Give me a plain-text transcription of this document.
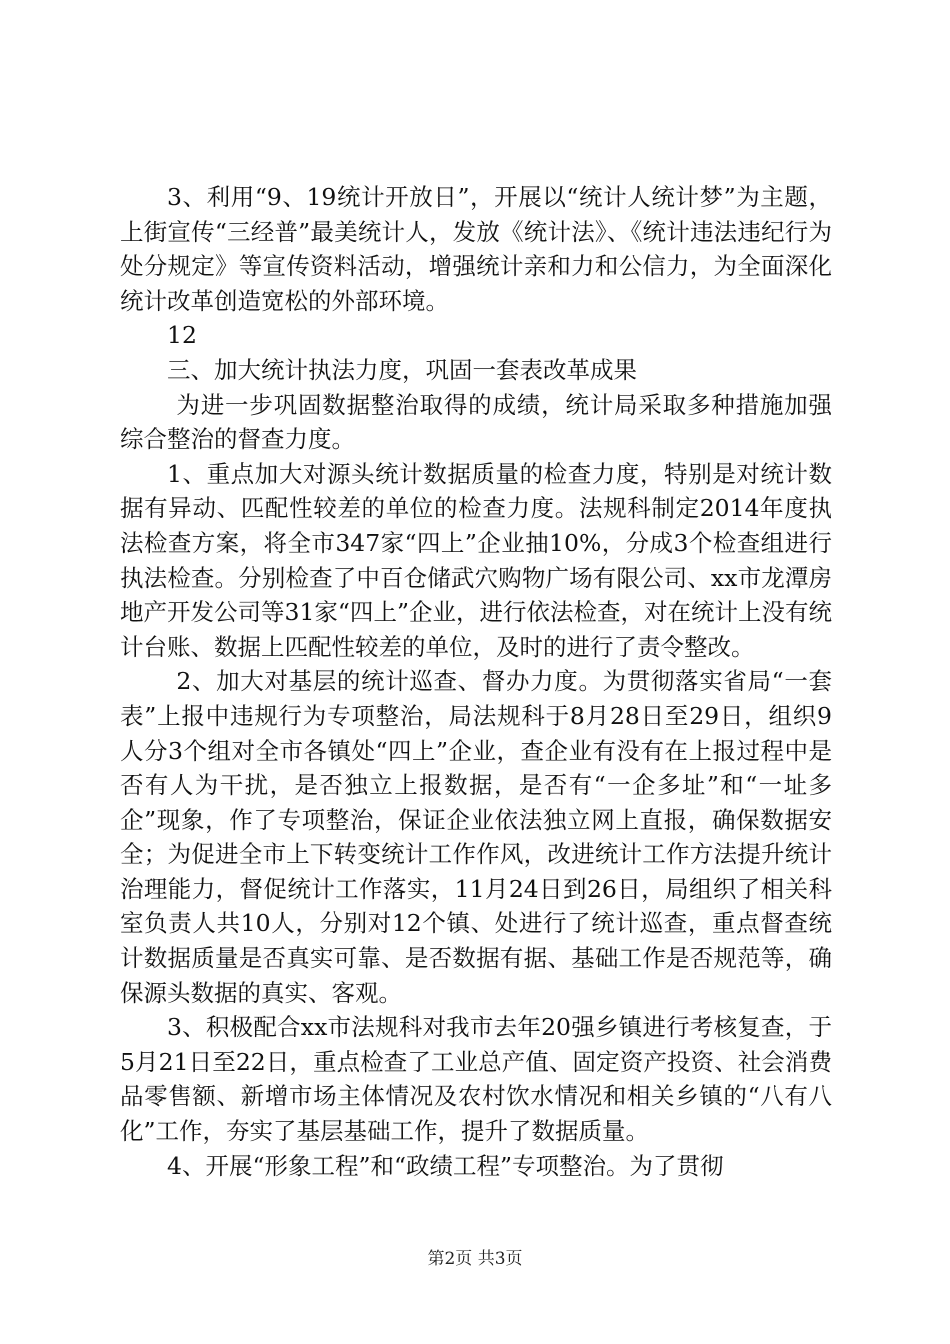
3、利用“9、19统计开放日”，开展以“统计人统计梦”为主题，上街宣传“三经普”最美统计人，发放《统计法》、《统计违法违纪行为处分规定》等宣传资料活动，增强统计亲和力和公信力，为全面深化统计改革创造宽松的外部环境。

12

三、加大统计执法力度，巩固一套表改革成果

为进一步巩固数据整治取得的成绩，统计局采取多种措施加强综合整治的督查力度。

1、重点加大对源头统计数据质量的检查力度，特别是对统计数据有异动、匹配性较差的单位的检查力度。法规科制定2014年度执法检查方案，将全市347家“四上”企业抽10%，分成3个检查组进行执法检查。分别检查了中百仓储武穴购物广场有限公司、xx市龙潭房地产开发公司等31家“四上”企业，进行依法检查，对在统计上没有统计台账、数据上匹配性较差的单位，及时的进行了责令整改。

2、加大对基层的统计巡查、督办力度。为贯彻落实省局“一套表”上报中违规行为专项整治，局法规科于8月28日至29日，组织9人分3个组对全市各镇处“四上”企业，查企业有没有在上报过程中是否有人为干扰，是否独立上报数据，是否有“一企多址”和“一址多企”现象，作了专项整治，保证企业依法独立网上直报，确保数据安全；为促进全市上下转变统计工作作风，改进统计工作方法提升统计治理能力，督促统计工作落实，11月24日到26日，局组织了相关科室负责人共10人，分别对12个镇、处进行了统计巡查，重点督查统计数据质量是否真实可靠、是否数据有据、基础工作是否规范等，确保源头数据的真实、客观。

3、积极配合xx市法规科对我市去年20强乡镇进行考核复查，于5月21日至22日，重点检查了工业总产值、固定资产投资、社会消费品零售额、新增市场主体情况及农村饮水情况和相关乡镇的“八有八化”工作，夯实了基层基础工作，提升了数据质量。

4、开展“形象工程”和“政绩工程”专项整治。为了贯彻

第2页 共3页
